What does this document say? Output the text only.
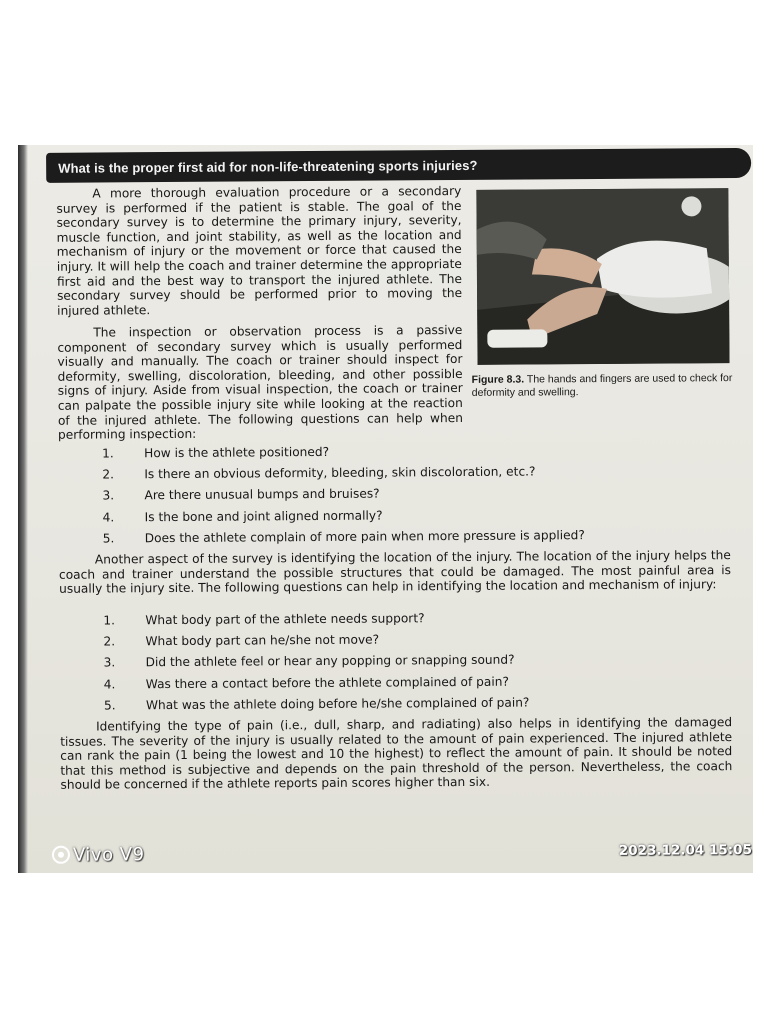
What is the proper first aid for non-life-threatening sports injuries?

A more thorough evaluation procedure or a secondary survey is performed if the patient is stable. The goal of the secondary survey is to determine the primary injury, severity, muscle function, and joint stability, as well as the location and mechanism of injury or the movement or force that caused the injury. It will help the coach and trainer determine the appropriate first aid and the best way to transport the injured athlete. The secondary survey should be performed prior to moving the injured athlete.

Figure 8.3. The hands and fingers are used to check for deformity and swelling.

The inspection or observation process is a passive component of secondary survey which is usually performed visually and manually. The coach or trainer should inspect for deformity, swelling, discoloration, bleeding, and other possible signs of injury. Aside from visual inspection, the coach or trainer can palpate the possible injury site while looking at the reaction of the injured athlete. The following questions can help when performing inspection:

1.	How is the athlete positioned?
2.	Is there an obvious deformity, bleeding, skin discoloration, etc.?
3.	Are there unusual bumps and bruises?
4.	Is the bone and joint aligned normally?
5.	Does the athlete complain of more pain when more pressure is applied?

Another aspect of the survey is identifying the location of the injury. The location of the injury helps the coach and trainer understand the possible structures that could be damaged. The most painful area is usually the injury site. The following questions can help in identifying the location and mechanism of injury:

1.	What body part of the athlete needs support?
2.	What body part can he/she not move?
3.	Did the athlete feel or hear any popping or snapping sound?
4.	Was there a contact before the athlete complained of pain?
5.	What was the athlete doing before he/she complained of pain?

Identifying the type of pain (i.e., dull, sharp, and radiating) also helps in identifying the damaged tissues. The severity of the injury is usually related to the amount of pain experienced. The injured athlete can rank the pain (1 being the lowest and 10 the highest) to reflect the amount of pain. It should be noted that this method is subjective and depends on the pain threshold of the person. Nevertheless, the coach should be concerned if the athlete reports pain scores higher than six.

Vivo V9	2023.12.04 15:05
